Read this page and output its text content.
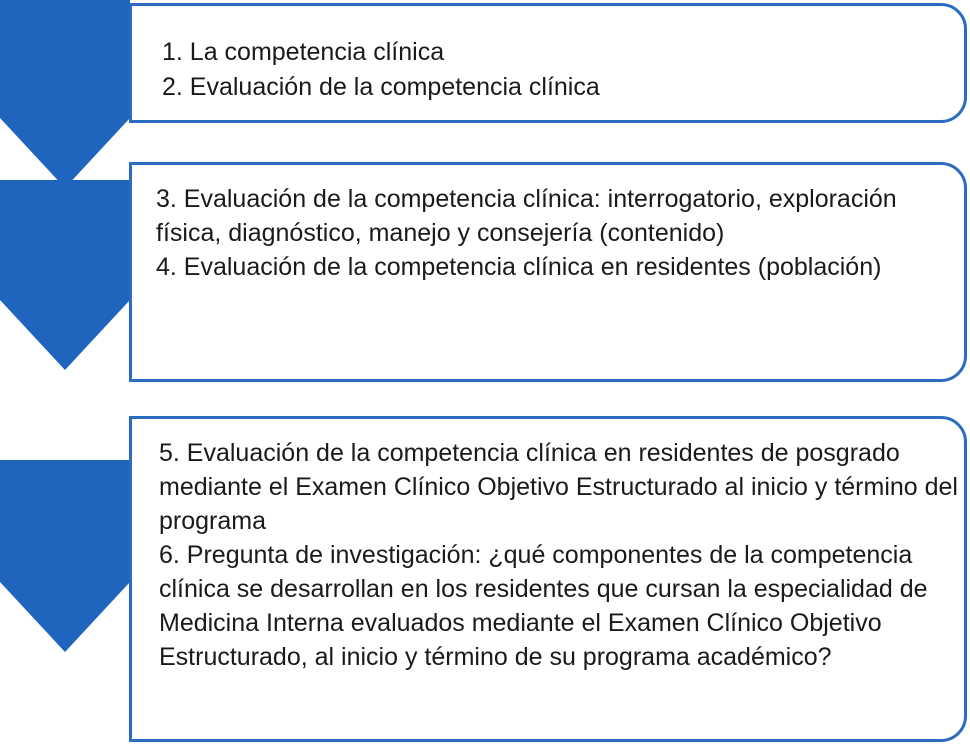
1. La competencia clínica

2. Evaluación de la competencia clínica

3. Evaluación de la competencia clínica: interrogatorio, exploración física, diagnóstico, manejo y consejería (contenido)

4. Evaluación de la competencia clínica en residentes (población)

5. Evaluación de la competencia clínica en residentes de posgrado mediante el Examen Clínico Objetivo Estructurado al inicio y término del programa

6. Pregunta de investigación: ¿qué componentes de la competencia clínica se desarrollan en los residentes que cursan la especialidad de Medicina Interna evaluados mediante el Examen Clínico Objetivo Estructurado, al inicio y término de su programa académico?
